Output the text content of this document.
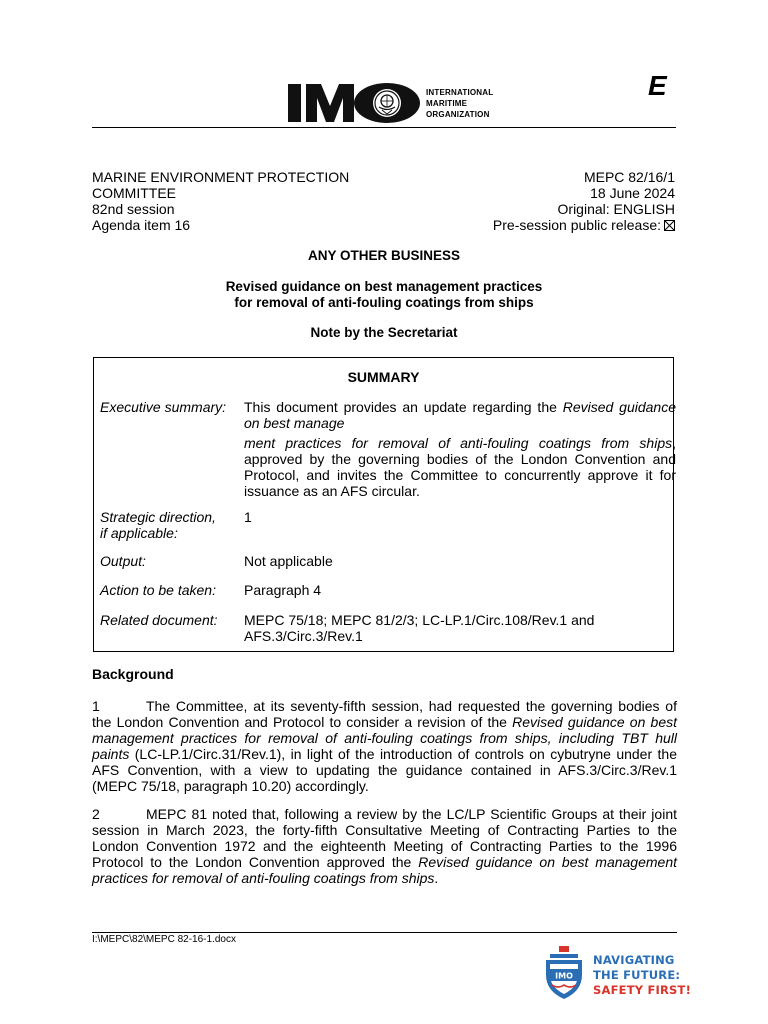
INTERNATIONAL
MARITIME
ORGANIZATION
E
MARINE ENVIRONMENT PROTECTION
COMMITTEE
82nd session
Agenda item 16
MEPC 82/16/1
18 June 2024
Original: ENGLISH
Pre-session public release:
ANY OTHER BUSINESS
Revised guidance on best management practices
for removal of anti-fouling coatings from ships
Note by the Secretariat
SUMMARY
Executive summary:	This document provides an update regarding the Revised guidance on best manage
ment practices for removal of anti-fouling coatings from ships, approved by the governing bodies of the London Convention and Protocol, and invites the Committee to concurrently approve it for issuance as an AFS circular.
Strategic direction,
if applicable:
1
Output:	Not applicable
Action to be taken:	Paragraph 4
Related document:	MEPC 75/18; MEPC 81/2/3; LC-LP.1/Circ.108/Rev.1 and
AFS.3/Circ.3/Rev.1
Background
1	The Committee, at its seventy-fifth session, had requested the governing bodies of the London Convention and Protocol to consider a revision of the Revised guidance on best management practices for removal of anti-fouling coatings from ships, including TBT hull paints (LC-LP.1/Circ.31/Rev.1), in light of the introduction of controls on cybutryne under the AFS Convention, with a view to updating the guidance contained in AFS.3/Circ.3/Rev.1 (MEPC 75/18, paragraph 10.20) accordingly.
2	MEPC 81 noted that, following a review by the LC/LP Scientific Groups at their joint session in March 2023, the forty-fifth Consultative Meeting of Contracting Parties to the London Convention 1972 and the eighteenth Meeting of Contracting Parties to the 1996 Protocol to the London Convention approved the Revised guidance on best management practices for removal of anti-fouling coatings from ships.
I:\MEPC\82\MEPC 82-16-1.docx
IMO
NAVIGATING
THE FUTURE:
SAFETY FIRST!
